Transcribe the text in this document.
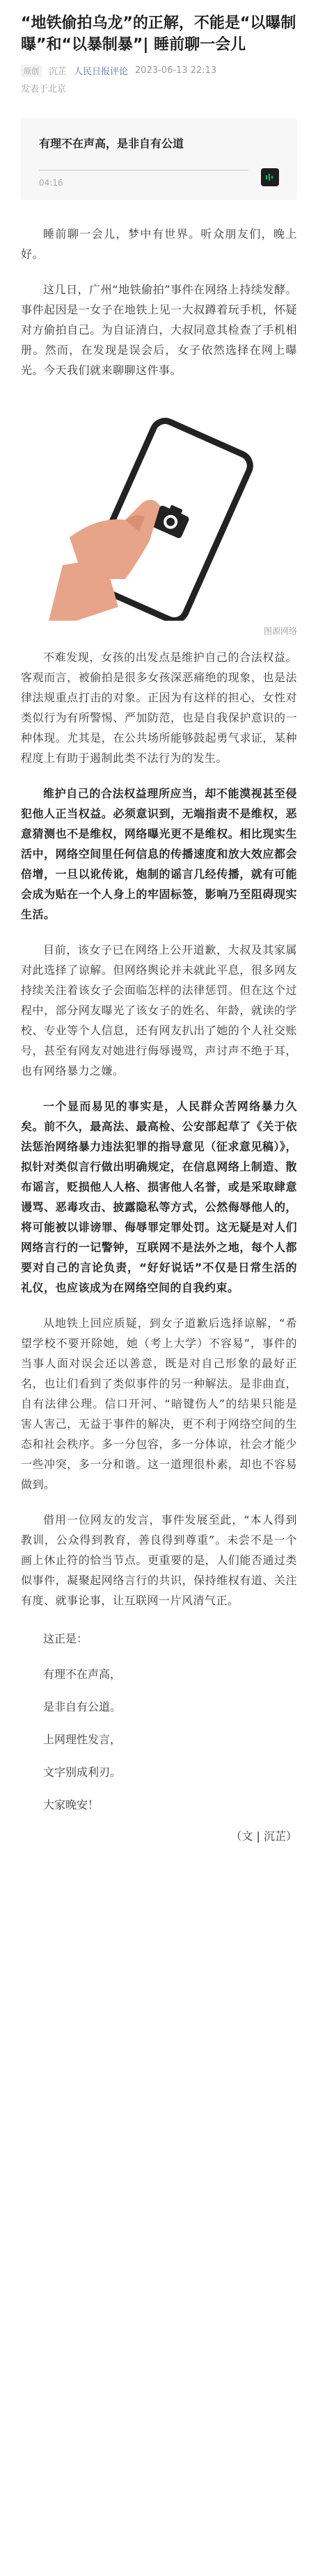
“地铁偷拍乌龙”的正解，不能是“以曝制曝”和“以暴制暴”| 睡前聊一会儿
原创	沉芷 人民日报评论 2023-06-13 22:13
发表于北京
有理不在声高，是非自有公道
04:16
睡前聊一会儿，梦中有世界。听众朋友们，晚上好。
这几日，广州“地铁偷拍”事件在网络上持续发酵。事件起因是一女子在地铁上见一大叔蹲着玩手机，怀疑对方偷拍自己。为自证清白，大叔同意其检查了手机相册。然而，在发现是误会后，女子依然选择在网上曝光。今天我们就来聊聊这件事。
图源网络
不难发现，女孩的出发点是维护自己的合法权益。客观而言，被偷拍是很多女孩深恶痛绝的现象，也是法律法规重点打击的对象。正因为有这样的担心，女性对类似行为有所警惕、严加防范，也是自我保护意识的一种体现。尤其是，在公共场所能够鼓起勇气求证，某种程度上有助于遏制此类不法行为的发生。
维护自己的合法权益理所应当，却不能漠视甚至侵犯他人正当权益。必须意识到，无端指责不是维权，恶意猜测也不是维权，网络曝光更不是维权。相比现实生活中，网络空间里任何信息的传播速度和放大效应都会倍增，一旦以讹传讹，炮制的谣言几经传播，就有可能会成为贴在一个人身上的牢固标签，影响乃至阻碍现实生活。
目前，该女子已在网络上公开道歉，大叔及其家属对此选择了谅解。但网络舆论并未就此平息，很多网友持续关注着该女子会面临怎样的法律惩罚。但在这个过程中，部分网友曝光了该女子的姓名、年龄，就读的学校、专业等个人信息，还有网友扒出了她的个人社交账号，甚至有网友对她进行侮辱谩骂，声讨声不绝于耳，也有网络暴力之嫌。
一个显而易见的事实是，人民群众苦网络暴力久矣。前不久，最高法、最高检、公安部起草了《关于依法惩治网络暴力违法犯罪的指导意见（征求意见稿）》，拟针对类似言行做出明确规定，在信息网络上制造、散布谣言，贬损他人人格、损害他人名誉，或是采取肆意谩骂、恶毒攻击、披露隐私等方式，公然侮辱他人的，将可能被以诽谤罪、侮辱罪定罪处罚。这无疑是对人们网络言行的一记警钟，互联网不是法外之地，每个人都要对自己的言论负责，“好好说话”不仅是日常生活的礼仪，也应该成为在网络空间的自我约束。
从地铁上回应质疑，到女子道歉后选择谅解，“希望学校不要开除她，她（考上大学）不容易”，事件的当事人面对误会还以善意，既是对自己形象的最好正名，也让们看到了类似事件的另一种解法。是非曲直，自有法律公理。信口开河、“暗键伤人”的结果只能是害人害己，无益于事件的解决，更不利于网络空间的生态和社会秩序。多一分包容，多一分体谅，社会才能少一些冲突，多一分和谐。这一道理很朴素，却也不容易做到。
借用一位网友的发言，事件发展至此，“本人得到教训，公众得到教育，善良得到尊重”。未尝不是一个画上休止符的恰当节点。更重要的是，人们能否通过类似事件，凝聚起网络言行的共识，保持维权有道、关注有度、就事论事，让互联网一片风清气正。
这正是：
有理不在声高，
是非自有公道。
上网理性发言，
文字别成利刃。
大家晚安！
（文 | 沉芷）
